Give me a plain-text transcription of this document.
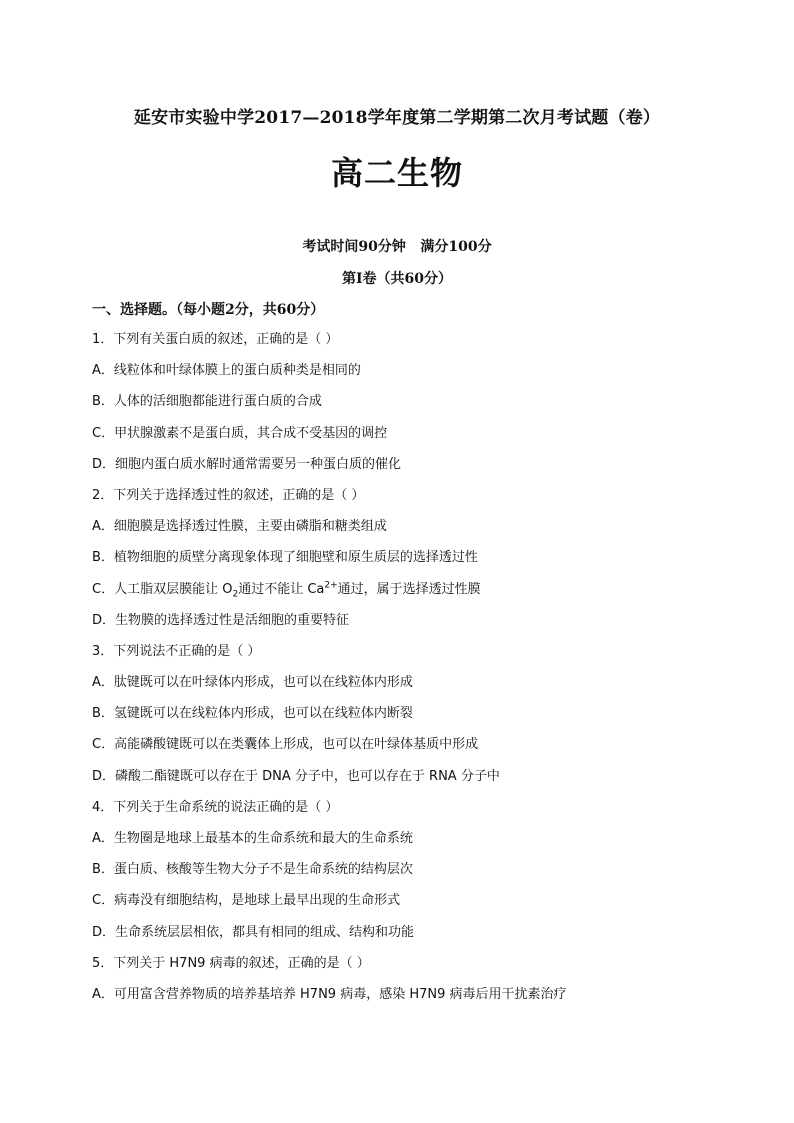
延安市实验中学2017—2018学年度第二学期第二次月考试题（卷）
高二生物
考试时间90分钟   满分100分
第Ⅰ卷（共60分）
一、选择题。（每小题2分，共60分）
1．下列有关蛋白质的叙述，正确的是（ ）
A．线粒体和叶绿体膜上的蛋白质种类是相同的
B．人体的活细胞都能进行蛋白质的合成
C．甲状腺激素不是蛋白质，其合成不受基因的调控
D．细胞内蛋白质水解时通常需要另一种蛋白质的催化
2．下列关于选择透过性的叙述，正确的是（ ）
A．细胞膜是选择透过性膜，主要由磷脂和糖类组成
B．植物细胞的质壁分离现象体现了细胞壁和原生质层的选择透过性
C．人工脂双层膜能让 $O_2$通过不能让 $Ca^{2+}$通过，属于选择透过性膜
D．生物膜的选择透过性是活细胞的重要特征
3．下列说法不正确的是（ ）
A．肽键既可以在叶绿体内形成，也可以在线粒体内形成
B．氢键既可以在线粒体内形成，也可以在线粒体内断裂
C．高能磷酸键既可以在类囊体上形成，也可以在叶绿体基质中形成
D．磷酸二酯键既可以存在于 DNA 分子中，也可以存在于 RNA 分子中
4．下列关于生命系统的说法正确的是（ ）
A．生物圈是地球上最基本的生命系统和最大的生命系统
B．蛋白质、核酸等生物大分子不是生命系统的结构层次
C．病毒没有细胞结构，是地球上最早出现的生命形式
D．生命系统层层相依，都具有相同的组成、结构和功能
5．下列关于 H7N9 病毒的叙述，正确的是（ ）
A．可用富含营养物质的培养基培养 H7N9 病毒，感染 H7N9 病毒后用干扰素治疗
